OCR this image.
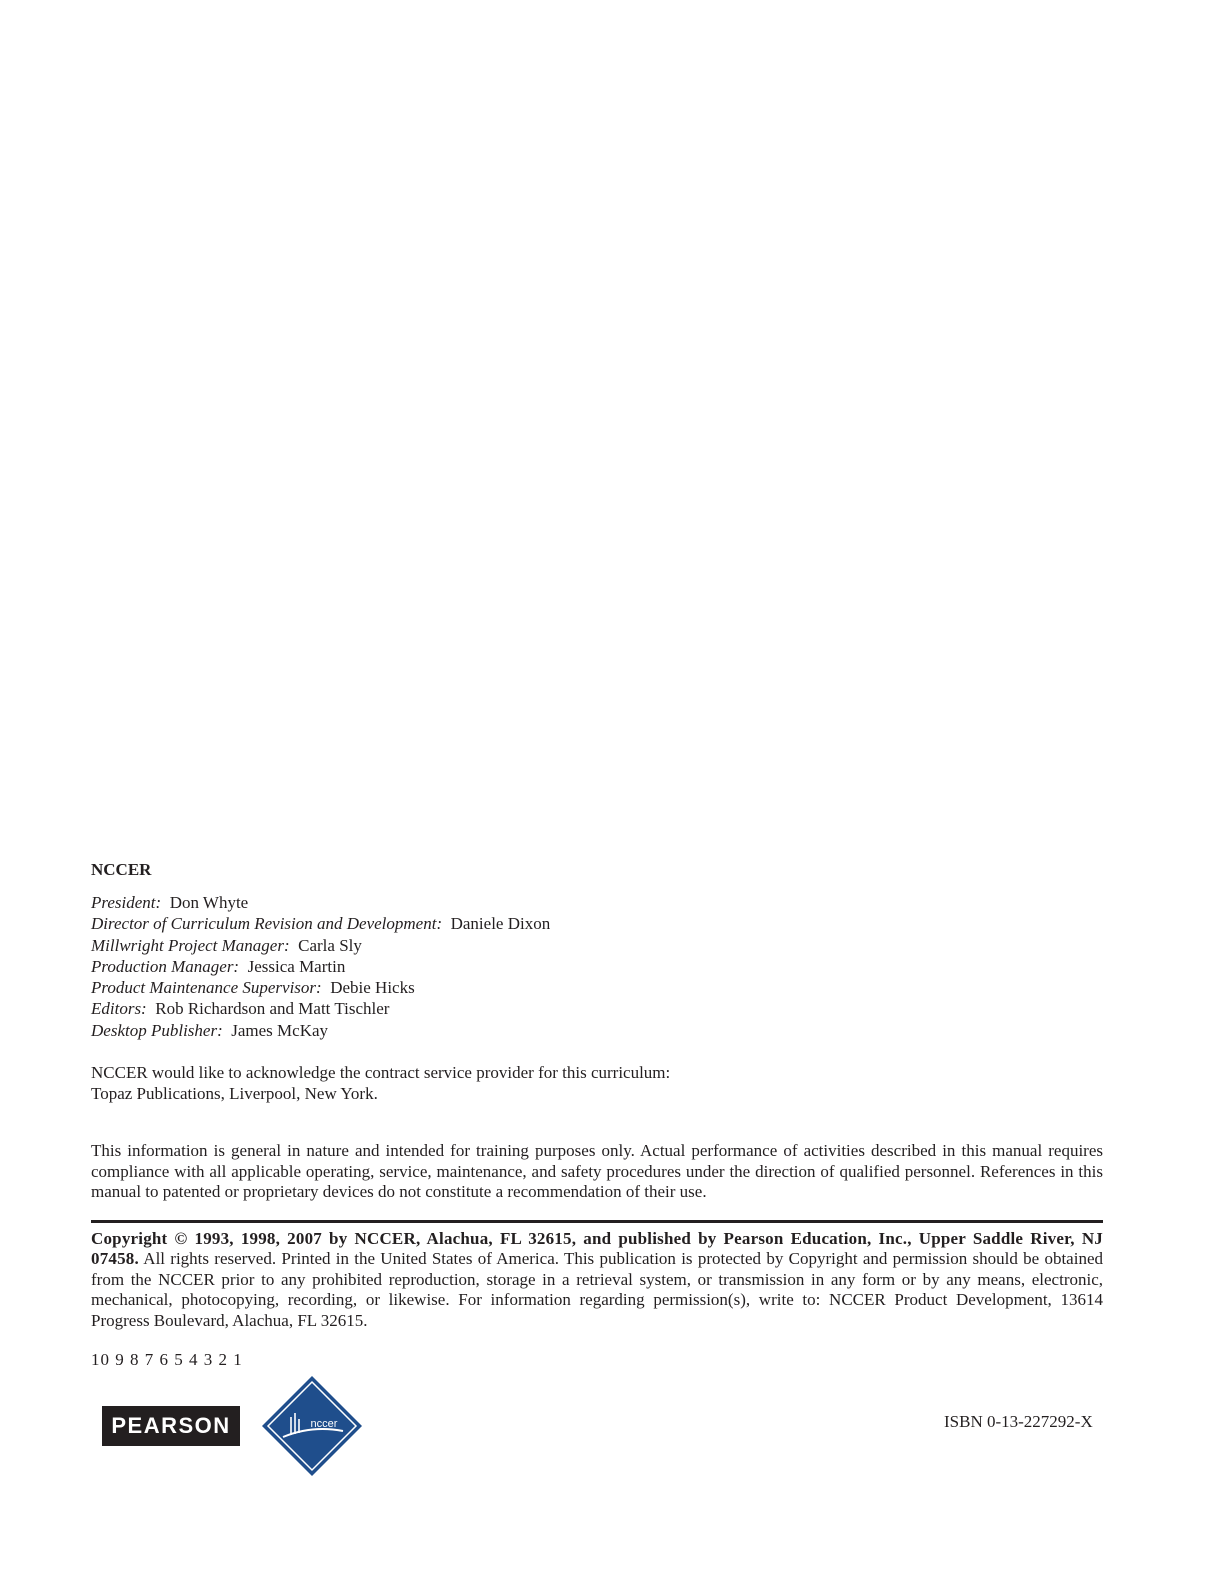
NCCER
President: Don Whyte
Director of Curriculum Revision and Development: Daniele Dixon
Millwright Project Manager: Carla Sly
Production Manager: Jessica Martin
Product Maintenance Supervisor: Debie Hicks
Editors: Rob Richardson and Matt Tischler
Desktop Publisher: James McKay
NCCER would like to acknowledge the contract service provider for this curriculum:
Topaz Publications, Liverpool, New York.
This information is general in nature and intended for training purposes only. Actual performance of activities described in this manual requires compliance with all applicable operating, service, maintenance, and safety procedures under the direction of qualified personnel. References in this manual to patented or proprietary devices do not constitute a recommendation of their use.
Copyright © 1993, 1998, 2007 by NCCER, Alachua, FL 32615, and published by Pearson Education, Inc., Upper Saddle River, NJ 07458. All rights reserved. Printed in the United States of America. This publication is protected by Copyright and permission should be obtained from the NCCER prior to any prohibited reproduction, storage in a retrieval system, or transmission in any form or by any means, electronic, mechanical, photocopying, recording, or likewise. For information regarding permission(s), write to: NCCER Product Development, 13614 Progress Boulevard, Alachua, FL 32615.
10 9 8 7 6 5 4 3 2 1
PEARSON	nccer	ISBN 0-13-227292-X
